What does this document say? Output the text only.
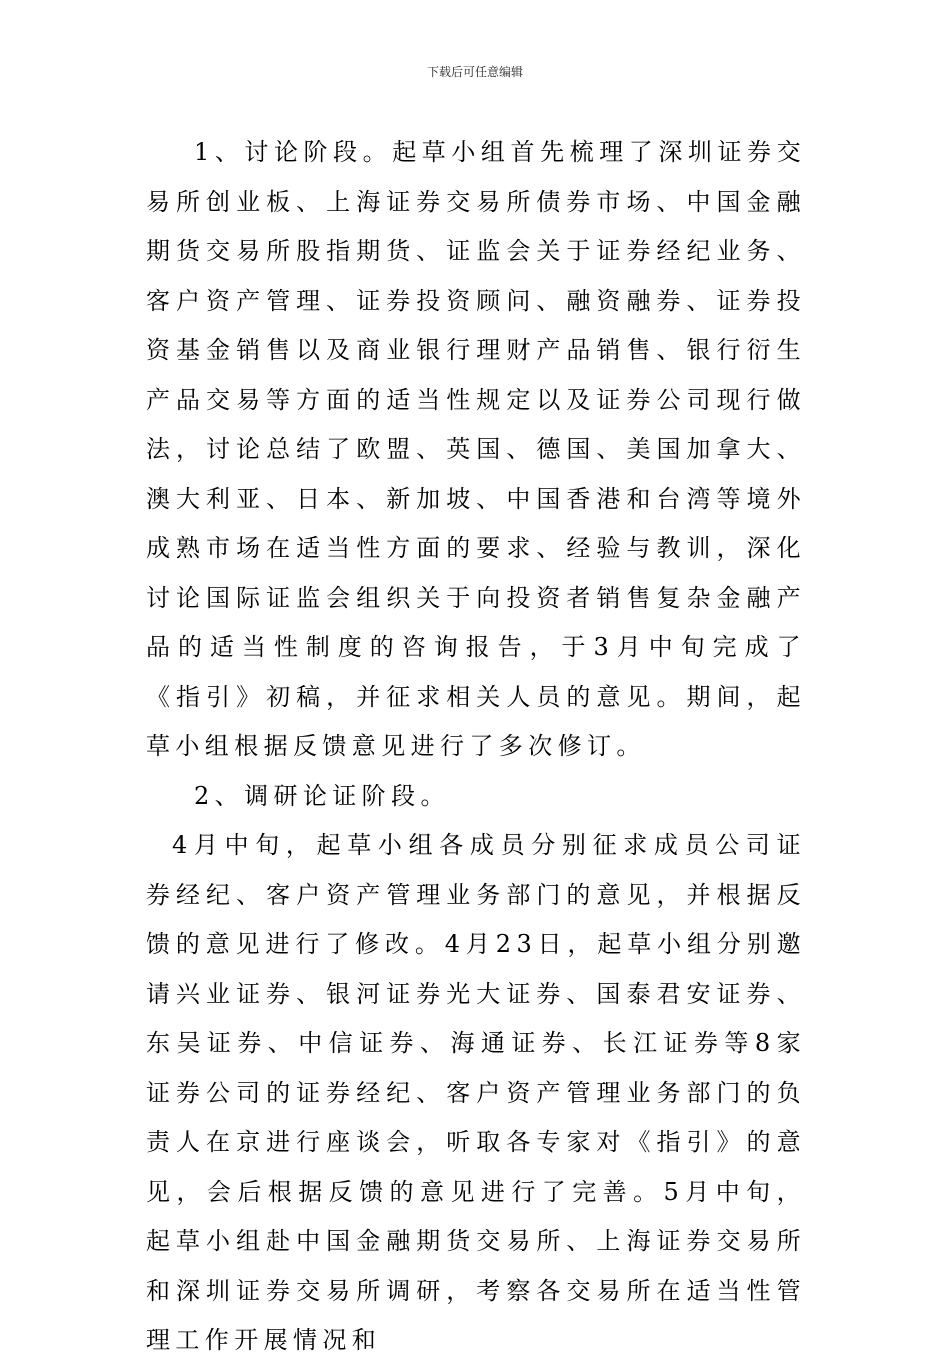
下载后可任意编辑

1、讨论阶段。起草小组首先梳理了深圳证券交易所创业板、上海证券交易所债券市场、中国金融期货交易所股指期货、证监会关于证券经纪业务、客户资产管理、证券投资顾问、融资融券、证券投资基金销售以及商业银行理财产品销售、银行衍生产品交易等方面的适当性规定以及证券公司现行做法，讨论总结了欧盟、英国、德国、美国加拿大、澳大利亚、日本、新加坡、中国香港和台湾等境外成熟市场在适当性方面的要求、经验与教训，深化讨论国际证监会组织关于向投资者销售复杂金融产品的适当性制度的咨询报告，于3月中旬完成了《指引》初稿，并征求相关人员的意见。期间，起草小组根据反馈意见进行了多次修订。

2、调研论证阶段。

4月中旬，起草小组各成员分别征求成员公司证券经纪、客户资产管理业务部门的意见，并根据反馈的意见进行了修改。4月23日，起草小组分别邀请兴业证券、银河证券光大证券、国泰君安证券、东吴证券、中信证券、海通证券、长江证券等8家证券公司的证券经纪、客户资产管理业务部门的负责人在京进行座谈会，听取各专家对《指引》的意见，会后根据反馈的意见进行了完善。5月中旬，起草小组赴中国金融期货交易所、上海证券交易所和深圳证券交易所调研，考察各交易所在适当性管理工作开展情况和
